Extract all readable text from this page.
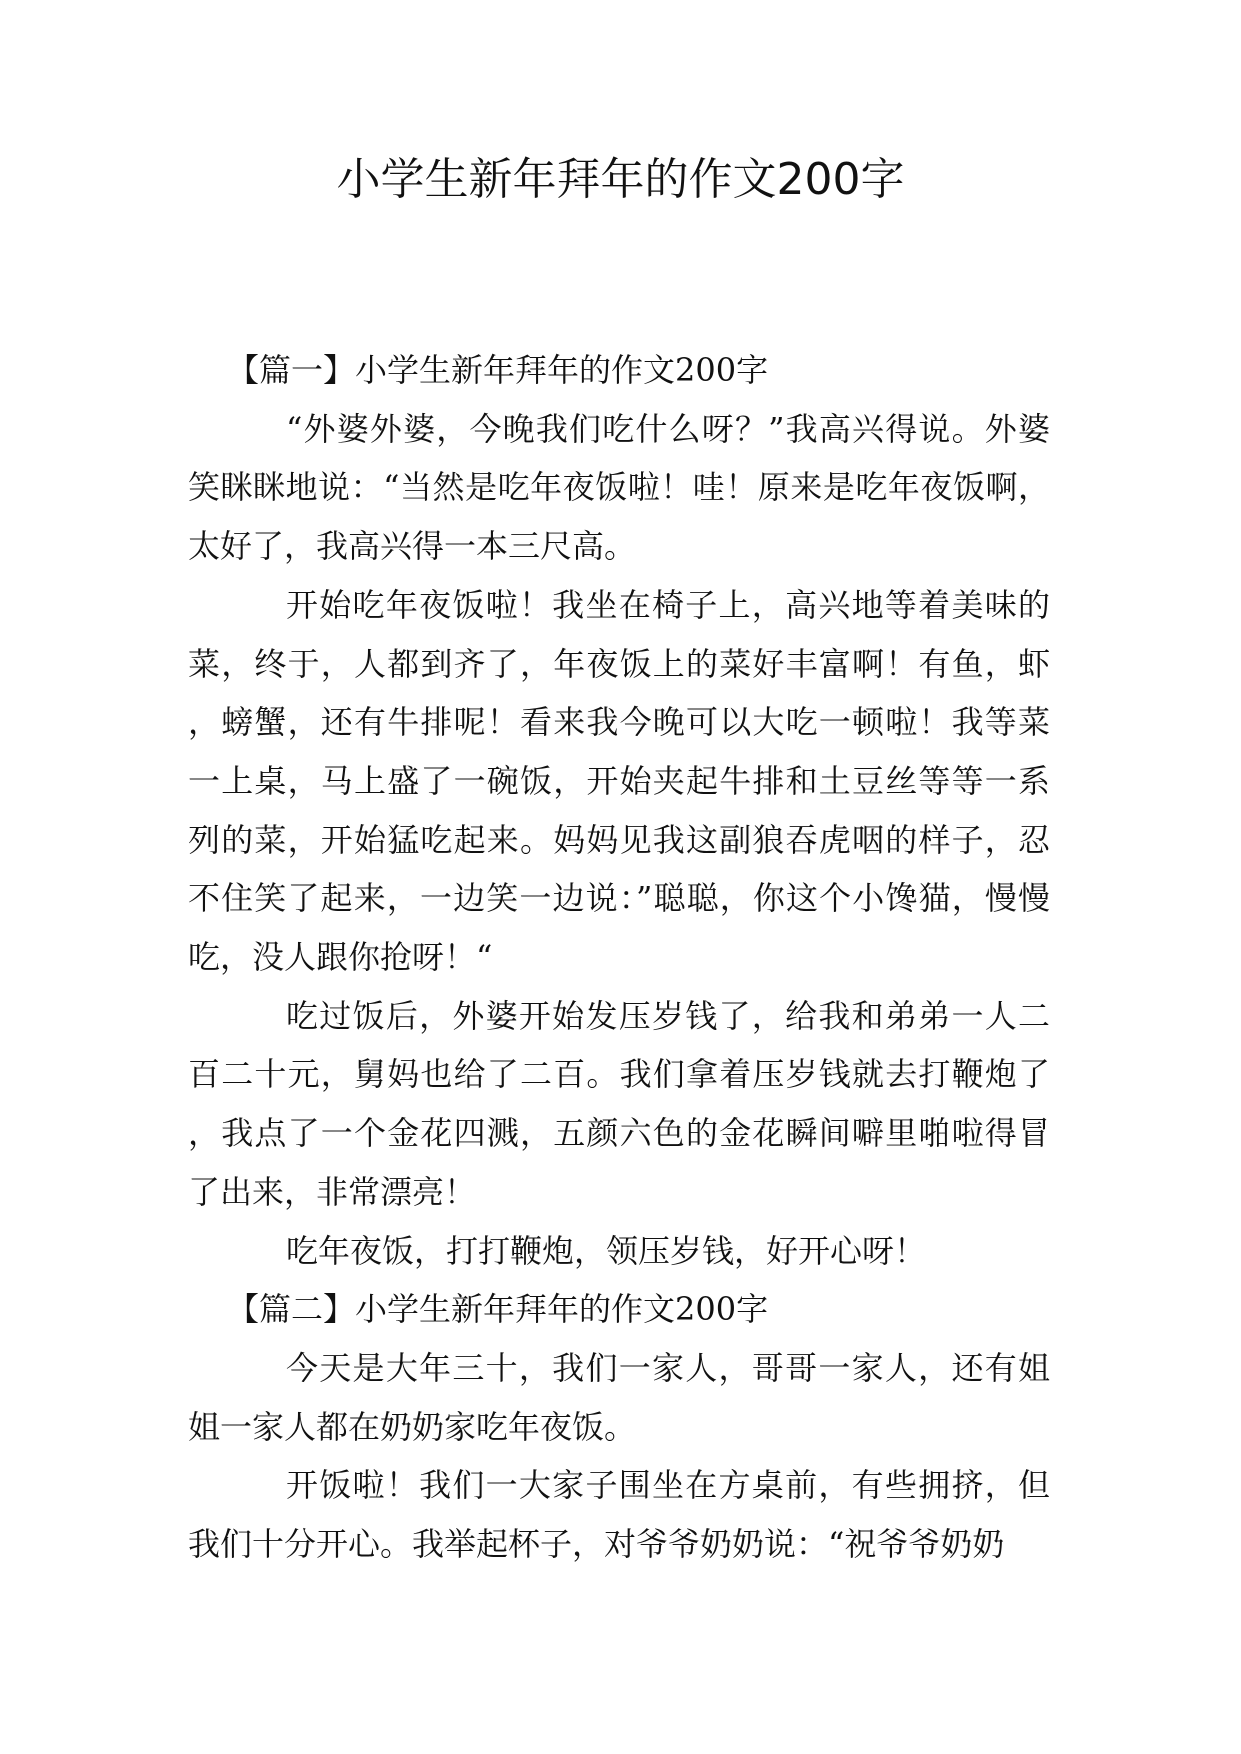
小学生新年拜年的作文200字
【篇一】小学生新年拜年的作文200字

“外婆外婆，今晚我们吃什么呀？”我高兴得说。外婆笑眯眯地说：“当然是吃年夜饭啦！哇！原来是吃年夜饭啊，太好了，我高兴得一本三尺高。

开始吃年夜饭啦！我坐在椅子上，高兴地等着美味的菜，终于，人都到齐了，年夜饭上的菜好丰富啊！有鱼，虾，螃蟹，还有牛排呢！看来我今晚可以大吃一顿啦！我等菜一上桌，马上盛了一碗饭，开始夹起牛排和土豆丝等等一系列的菜，开始猛吃起来。妈妈见我这副狼吞虎咽的样子，忍不住笑了起来，一边笑一边说：”聪聪，你这个小馋猫，慢慢吃，没人跟你抢呀！“

吃过饭后，外婆开始发压岁钱了，给我和弟弟一人二百二十元，舅妈也给了二百。我们拿着压岁钱就去打鞭炮了，我点了一个金花四溅，五颜六色的金花瞬间噼里啪啦得冒了出来，非常漂亮！

吃年夜饭，打打鞭炮，领压岁钱，好开心呀！

【篇二】小学生新年拜年的作文200字

今天是大年三十，我们一家人，哥哥一家人，还有姐姐一家人都在奶奶家吃年夜饭。

开饭啦！我们一大家子围坐在方桌前，有些拥挤，但我们十分开心。我举起杯子，对爷爷奶奶说：“祝爷爷奶奶
